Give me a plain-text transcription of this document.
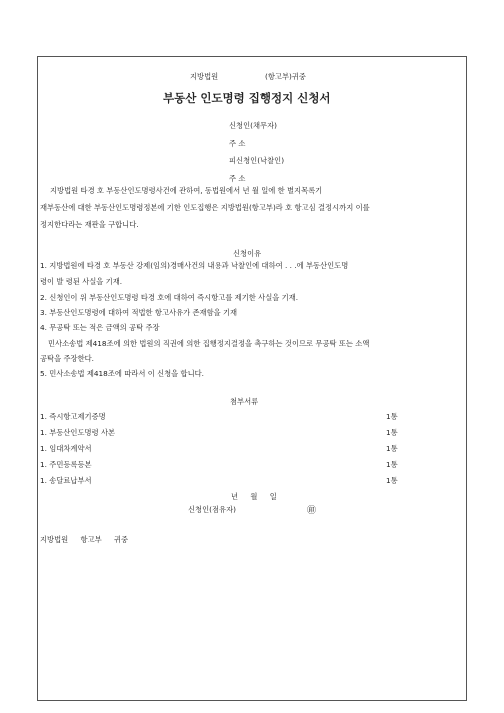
지방법원	(항고부)귀중
부동산 인도명령 집행정지 신청서
신청인(채무자)
주 소
피신청인(낙찰인)
주 소
지방법원 타경 호 부동산인도명령사건에 관하여, 동법원에서 년 월 일에 한 별지목록기
재부동산에 대한 부동산인도명령정본에 기한 인도집행은 지방법원(항고부)라 호 항고심 결정시까지 이를
정지한다라는 재판을 구합니다.
신청이유
1. 지방법원에 타경 호 부동산 강제(임의)경매사건의 내용과 낙찰인에 대하여 . . .에 부동산인도명
령이 발 령된 사실을 기재.
2. 신청인이 위 부동산인도명령 타경 호에 대하여 즉시항고를 제기한 사실을 기재.
3. 부동산인도명령에 대하여 적법한 항고사유가 존재함을 기재
4. 무공탁 또는 적은 금액의 공탁 주장
민사소송법 제418조에 의한 법원의 직권에 의한 집행정지결정을 촉구하는 것이므로 무공탁 또는 소액
공탁을 주장한다.
5. 민사소송법 제418조에 따라서 이 신청을 합니다.
첨부서류
1. 즉시항고제기증명	1통
1. 부동산인도명령 사본	1통
1. 임대차계약서	1통
1. 주민등록등본	1통
1. 송달료납부서	1통
년 월 일
신청인(점유자)	㊞
지방법원 항고부 귀중
